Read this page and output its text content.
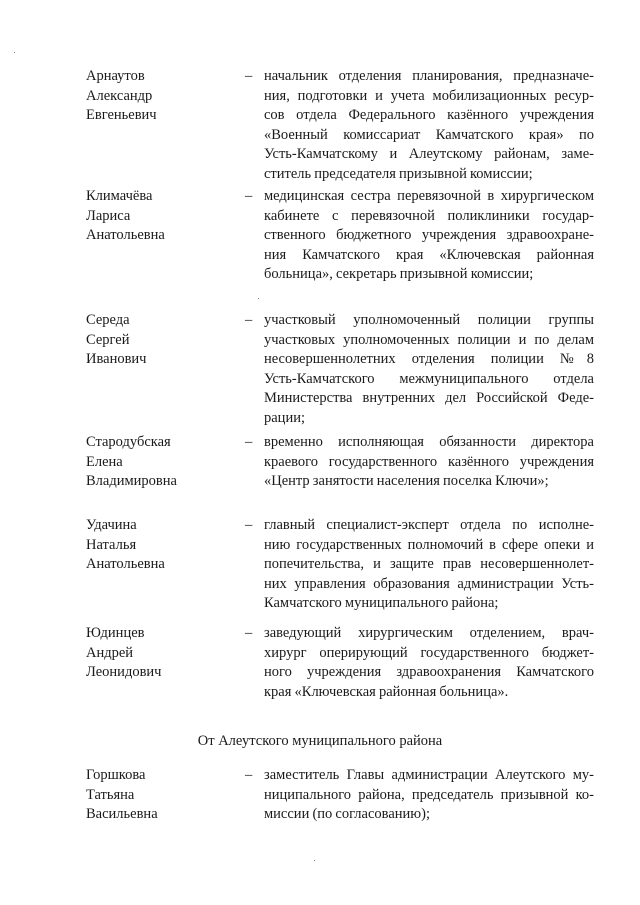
Арнаутов
Александр
Евгеньевич
– начальник отделения планирования, предназначе-
ния, подготовки и учета мобилизационных ресур-
сов отдела Федерального казённого учреждения
«Военный комиссариат Камчатского края» по
Усть-Камчатскому и Алеутскому районам, заме-
ститель председателя призывной комиссии;
Климачёва
Лариса
Анатольевна
– медицинская сестра перевязочной в хирургическом
кабинете с перевязочной поликлиники государ-
ственного бюджетного учреждения здравоохране-
ния Камчатского края «Ключевская районная
больница», секретарь призывной комиссии;
Середа
Сергей
Иванович
– участковый уполномоченный полиции группы
участковых уполномоченных полиции и по делам
несовершеннолетних отделения полиции №8
Усть-Камчатского межмуниципального отдела
Министерства внутренних дел Российской Феде-
рации;
Стародубская
Елена
Владимировна
– временно исполняющая обязанности директора
краевого государственного казённого учреждения
«Центр занятости населения поселка Ключи»;
Удачина
Наталья
Анатольевна
– главный специалист-эксперт отдела по исполне-
нию государственных полномочий в сфере опеки и
попечительства, и защите прав несовершеннолет-
них управления образования администрации Усть-
Камчатского муниципального района;
Юдинцев
Андрей
Леонидович
– заведующий хирургическим отделением, врач-
хирург оперирующий государственного бюджет-
ного учреждения здравоохранения Камчатского
края «Ключевская районная больница».
От Алеутского муниципального района
Горшкова
Татьяна
Васильевна
– заместитель Главы администрации Алеутского му-
ниципального района, председатель призывной ко-
миссии (по согласованию);
